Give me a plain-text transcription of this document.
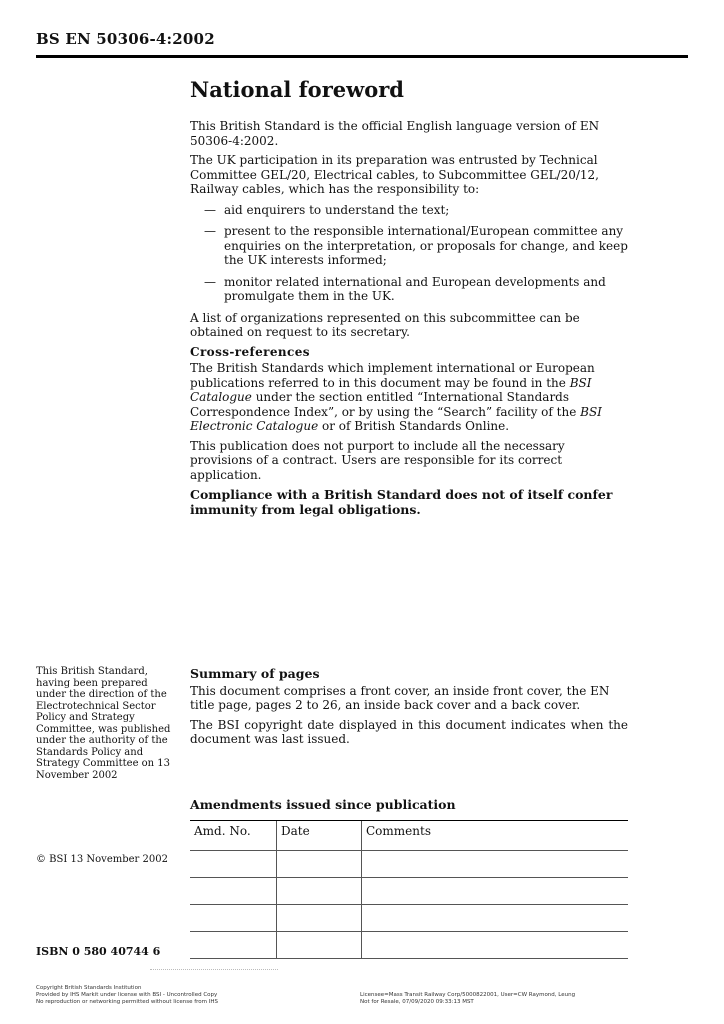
BS EN 50306-4:2002
National foreword

This British Standard is the official English language version of EN 50306-4:2002.

The UK participation in its preparation was entrusted by Technical Committee GEL/20, Electrical cables, to Subcommittee GEL/20/12, Railway cables, which has the responsibility to:

— aid enquirers to understand the text;
— present to the responsible international/European committee any enquiries on the interpretation, or proposals for change, and keep the UK interests informed;
— monitor related international and European developments and promulgate them in the UK.

A list of organizations represented on this subcommittee can be obtained on request to its secretary.

Cross-references

The British Standards which implement international or European publications referred to in this document may be found in the BSI Catalogue under the section entitled “International Standards Correspondence Index”, or by using the “Search” facility of the BSI Electronic Catalogue or of British Standards Online.

This publication does not purport to include all the necessary provisions of a contract. Users are responsible for its correct application.

Compliance with a British Standard does not of itself confer immunity from legal obligations.

This British Standard, having been prepared under the direction of the Electrotechnical Sector Policy and Strategy Committee, was published under the authority of the Standards Policy and Strategy Committee on 13 November 2002
Summary of pages

This document comprises a front cover, an inside front cover, the EN title page, pages 2 to 26, an inside back cover and a back cover.

The BSI copyright date displayed in this document indicates when the document was last issued.

Amendments issued since publication
Amd. No.	Date	Comments

© BSI 13 November 2002
ISBN 0 580 40744 6
Copyright British Standards Institution
Provided by IHS Markit under license with BSI - Uncontrolled Copy
No reproduction or networking permitted without license from IHS
Licensee=Mass Transit Railway Corp/5000822001, User=CW Raymond, Leung
Not for Resale, 07/09/2020 09:33:13 MST
